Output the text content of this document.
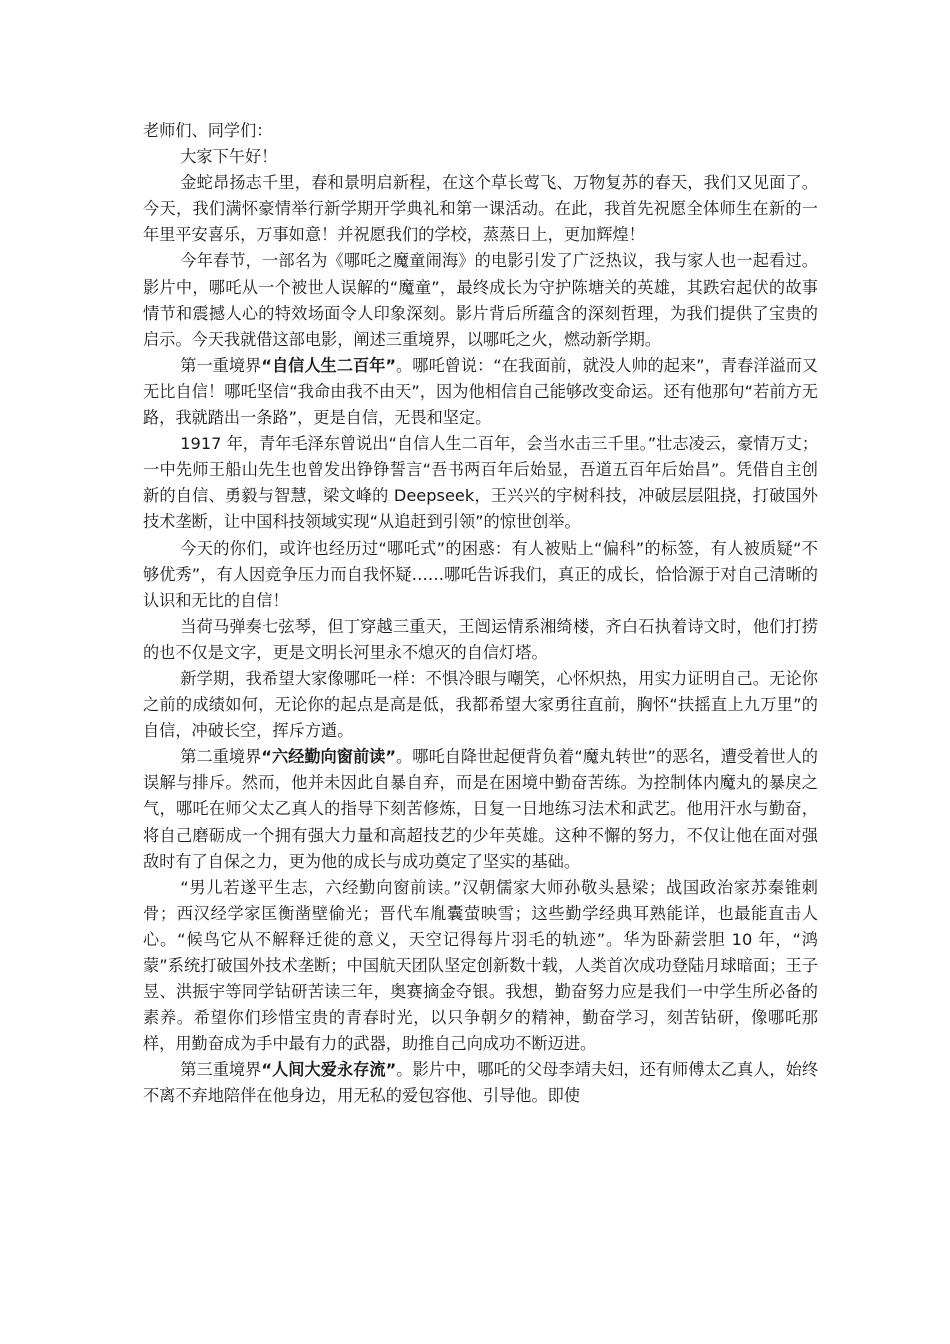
老师们、同学们：

大家下午好！

金蛇昂扬志千里，春和景明启新程，在这个草长莺飞、万物复苏的春天，我们又见面了。今天，我们满怀豪情举行新学期开学典礼和第一课活动。在此，我首先祝愿全体师生在新的一年里平安喜乐，万事如意！并祝愿我们的学校，蒸蒸日上，更加辉煌！

今年春节，一部名为《哪吒之魔童闹海》的电影引发了广泛热议，我与家人也一起看过。影片中，哪吒从一个被世人误解的“魔童”，最终成长为守护陈塘关的英雄，其跌宕起伏的故事情节和震撼人心的特效场面令人印象深刻。影片背后所蕴含的深刻哲理，为我们提供了宝贵的启示。今天我就借这部电影，阐述三重境界，以哪吒之火，燃动新学期。

第一重境界“自信人生二百年”。哪吒曾说：“在我面前，就没人帅的起来”，青春洋溢而又无比自信！哪吒坚信“我命由我不由天”，因为他相信自己能够改变命运。还有他那句“若前方无路，我就踏出一条路”，更是自信，无畏和坚定。

1917 年，青年毛泽东曾说出“自信人生二百年，会当水击三千里。”壮志凌云，豪情万丈；一中先师王船山先生也曾发出铮铮誓言“吾书两百年后始显，吾道五百年后始昌”。凭借自主创新的自信、勇毅与智慧，梁文峰的 Deepseek，王兴兴的宇树科技，冲破层层阻挠，打破国外技术垄断，让中国科技领域实现“从追赶到引领”的惊世创举。

今天的你们，或许也经历过“哪吒式”的困惑：有人被贴上“偏科”的标签，有人被质疑“不够优秀”，有人因竞争压力而自我怀疑……哪吒告诉我们，真正的成长，恰恰源于对自己清晰的认识和无比的自信！

当荷马弹奏七弦琴，但丁穿越三重天，王闿运情系湘绮楼，齐白石执着诗文时，他们打捞的也不仅是文字，更是文明长河里永不熄灭的自信灯塔。

新学期，我希望大家像哪吒一样：不惧冷眼与嘲笑，心怀炽热，用实力证明自己。无论你之前的成绩如何，无论你的起点是高是低，我都希望大家勇往直前，胸怀“扶摇直上九万里”的自信，冲破长空，挥斥方遒。

第二重境界“六经勤向窗前读”。哪吒自降世起便背负着“魔丸转世”的恶名，遭受着世人的误解与排斥。然而，他并未因此自暴自弃，而是在困境中勤奋苦练。为控制体内魔丸的暴戾之气，哪吒在师父太乙真人的指导下刻苦修炼，日复一日地练习法术和武艺。他用汗水与勤奋，将自己磨砺成一个拥有强大力量和高超技艺的少年英雄。这种不懈的努力，不仅让他在面对强敌时有了自保之力，更为他的成长与成功奠定了坚实的基础。

“男儿若遂平生志，六经勤向窗前读。”汉朝儒家大师孙敬头悬梁；战国政治家苏秦锥刺骨；西汉经学家匡衡凿壁偷光；晋代车胤囊萤映雪；这些勤学经典耳熟能详，也最能直击人心。“候鸟它从不解释迁徙的意义，天空记得每片羽毛的轨迹”。华为卧薪尝胆 10 年，“鸿蒙”系统打破国外技术垄断；中国航天团队坚定创新数十载，人类首次成功登陆月球暗面；王子昱、洪振宇等同学钻研苦读三年，奥赛摘金夺银。我想，勤奋努力应是我们一中学生所必备的素养。希望你们珍惜宝贵的青春时光，以只争朝夕的精神，勤奋学习，刻苦钻研，像哪吒那样，用勤奋成为手中最有力的武器，助推自己向成功不断迈进。

第三重境界“人间大爱永存流”。影片中，哪吒的父母李靖夫妇，还有师傅太乙真人，始终不离不弃地陪伴在他身边，用无私的爱包容他、引导他。即使
